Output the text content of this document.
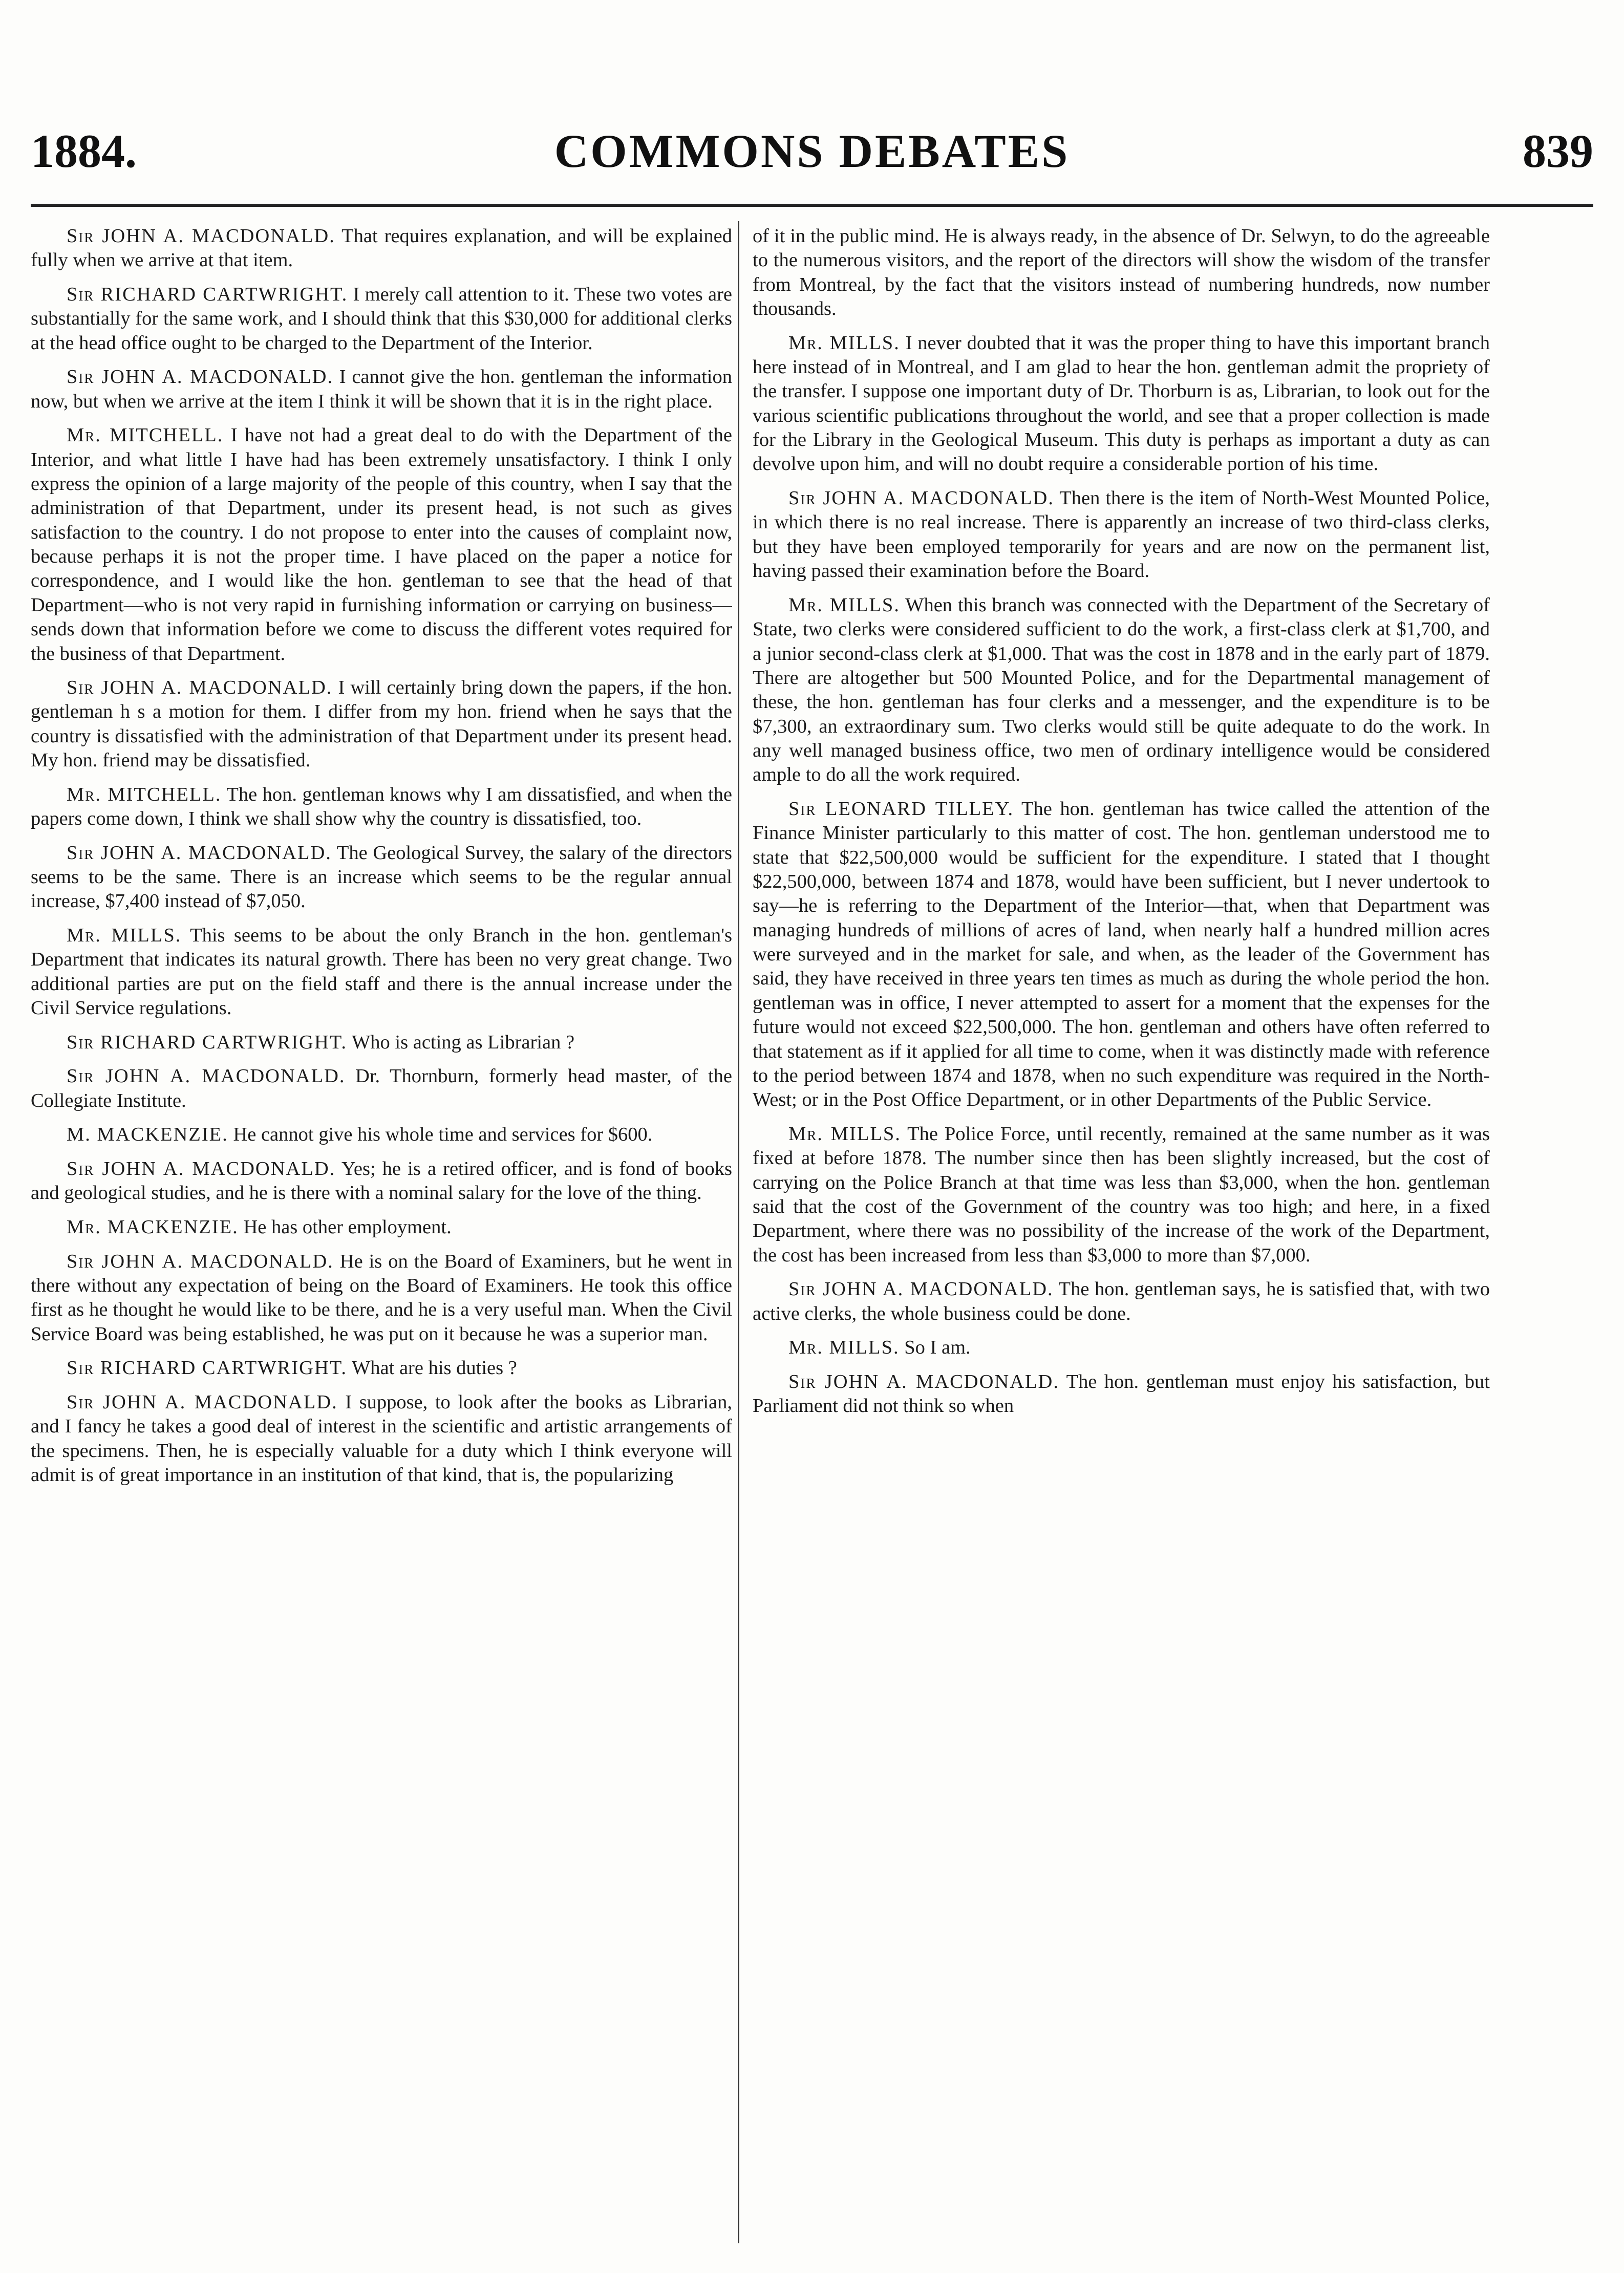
1884.	COMMONS DEBATES	839

Sir JOHN A. MACDONALD. That requires explanation, and will be explained fully when we arrive at that item.

Sir RICHARD CARTWRIGHT. I merely call attention to it. These two votes are substantially for the same work, and I should think that this $30,000 for additional clerks at the head office ought to be charged to the Department of the Interior.

Sir JOHN A. MACDONALD. I cannot give the hon. gentleman the information now, but when we arrive at the item I think it will be shown that it is in the right place.

Mr. MITCHELL. I have not had a great deal to do with the Department of the Interior, and what little I have had has been extremely unsatisfactory. I think I only express the opinion of a large majority of the people of this country, when I say that the administration of that Department, under its present head, is not such as gives satisfaction to the country. I do not propose to enter into the causes of complaint now, because perhaps it is not the proper time. I have placed on the paper a notice for correspondence, and I would like the hon. gentleman to see that the head of that Department—who is not very rapid in furnishing information or carrying on business—sends down that information before we come to discuss the different votes required for the business of that Department.

Sir JOHN A. MACDONALD. I will certainly bring down the papers, if the hon. gentleman h s a motion for them. I differ from my hon. friend when he says that the country is dissatisfied with the administration of that Department under its present head. My hon. friend may be dissatisfied.

Mr. MITCHELL. The hon. gentleman knows why I am dissatisfied, and when the papers come down, I think we shall show why the country is dissatisfied, too.

Sir JOHN A. MACDONALD. The Geological Survey, the salary of the directors seems to be the same. There is an increase which seems to be the regular annual increase, $7,400 instead of $7,050.

Mr. MILLS. This seems to be about the only Branch in the hon. gentleman's Department that indicates its natural growth. There has been no very great change. Two additional parties are put on the field staff and there is the annual increase under the Civil Service regulations.

Sir RICHARD CARTWRIGHT. Who is acting as Librarian ?

Sir JOHN A. MACDONALD. Dr. Thornburn, formerly head master, of the Collegiate Institute.

M. MACKENZIE. He cannot give his whole time and services for $600.

Sir JOHN A. MACDONALD. Yes; he is a retired officer, and is fond of books and geological studies, and he is there with a nominal salary for the love of the thing.

Mr. MACKENZIE. He has other employment.

Sir JOHN A. MACDONALD. He is on the Board of Examiners, but he went in there without any expectation of being on the Board of Examiners. He took this office first as he thought he would like to be there, and he is a very useful man. When the Civil Service Board was being established, he was put on it because he was a superior man.

Sir RICHARD CARTWRIGHT. What are his duties ?

Sir JOHN A. MACDONALD. I suppose, to look after the books as Librarian, and I fancy he takes a good deal of interest in the scientific and artistic arrangements of the specimens. Then, he is especially valuable for a duty which I think everyone will admit is of great importance in an institution of that kind, that is, the popularizing

of it in the public mind. He is always ready, in the absence of Dr. Selwyn, to do the agreeable to the numerous visitors, and the report of the directors will show the wisdom of the transfer from Montreal, by the fact that the visitors instead of numbering hundreds, now number thousands.

Mr. MILLS. I never doubted that it was the proper thing to have this important branch here instead of in Montreal, and I am glad to hear the hon. gentleman admit the propriety of the transfer. I suppose one important duty of Dr. Thorburn is as, Librarian, to look out for the various scientific publications throughout the world, and see that a proper collection is made for the Library in the Geological Museum. This duty is perhaps as important a duty as can devolve upon him, and will no doubt require a considerable portion of his time.

Sir JOHN A. MACDONALD. Then there is the item of North-West Mounted Police, in which there is no real increase. There is apparently an increase of two third-class clerks, but they have been employed temporarily for years and are now on the permanent list, having passed their examination before the Board.

Mr. MILLS. When this branch was connected with the Department of the Secretary of State, two clerks were considered sufficient to do the work, a first-class clerk at $1,700, and a junior second-class clerk at $1,000. That was the cost in 1878 and in the early part of 1879. There are altogether but 500 Mounted Police, and for the Departmental management of these, the hon. gentleman has four clerks and a messenger, and the expenditure is to be $7,300, an extraordinary sum. Two clerks would still be quite adequate to do the work. In any well managed business office, two men of ordinary intelligence would be considered ample to do all the work required.

Sir LEONARD TILLEY. The hon. gentleman has twice called the attention of the Finance Minister particularly to this matter of cost. The hon. gentleman understood me to state that $22,500,000 would be sufficient for the expenditure. I stated that I thought $22,500,000, between 1874 and 1878, would have been sufficient, but I never undertook to say—he is referring to the Department of the Interior—that, when that Department was managing hundreds of millions of acres of land, when nearly half a hundred million acres were surveyed and in the market for sale, and when, as the leader of the Government has said, they have received in three years ten times as much as during the whole period the hon. gentleman was in office, I never attempted to assert for a moment that the expenses for the future would not exceed $22,500,000. The hon. gentleman and others have often referred to that statement as if it applied for all time to come, when it was distinctly made with reference to the period between 1874 and 1878, when no such expenditure was required in the North-West; or in the Post Office Department, or in other Departments of the Public Service.

Mr. MILLS. The Police Force, until recently, remained at the same number as it was fixed at before 1878. The number since then has been slightly increased, but the cost of carrying on the Police Branch at that time was less than $3,000, when the hon. gentleman said that the cost of the Government of the country was too high; and here, in a fixed Department, where there was no possibility of the increase of the work of the Department, the cost has been increased from less than $3,000 to more than $7,000.

Sir JOHN A. MACDONALD. The hon. gentleman says, he is satisfied that, with two active clerks, the whole business could be done.

Mr. MILLS. So I am.

Sir JOHN A. MACDONALD. The hon. gentleman must enjoy his satisfaction, but Parliament did not think so when
